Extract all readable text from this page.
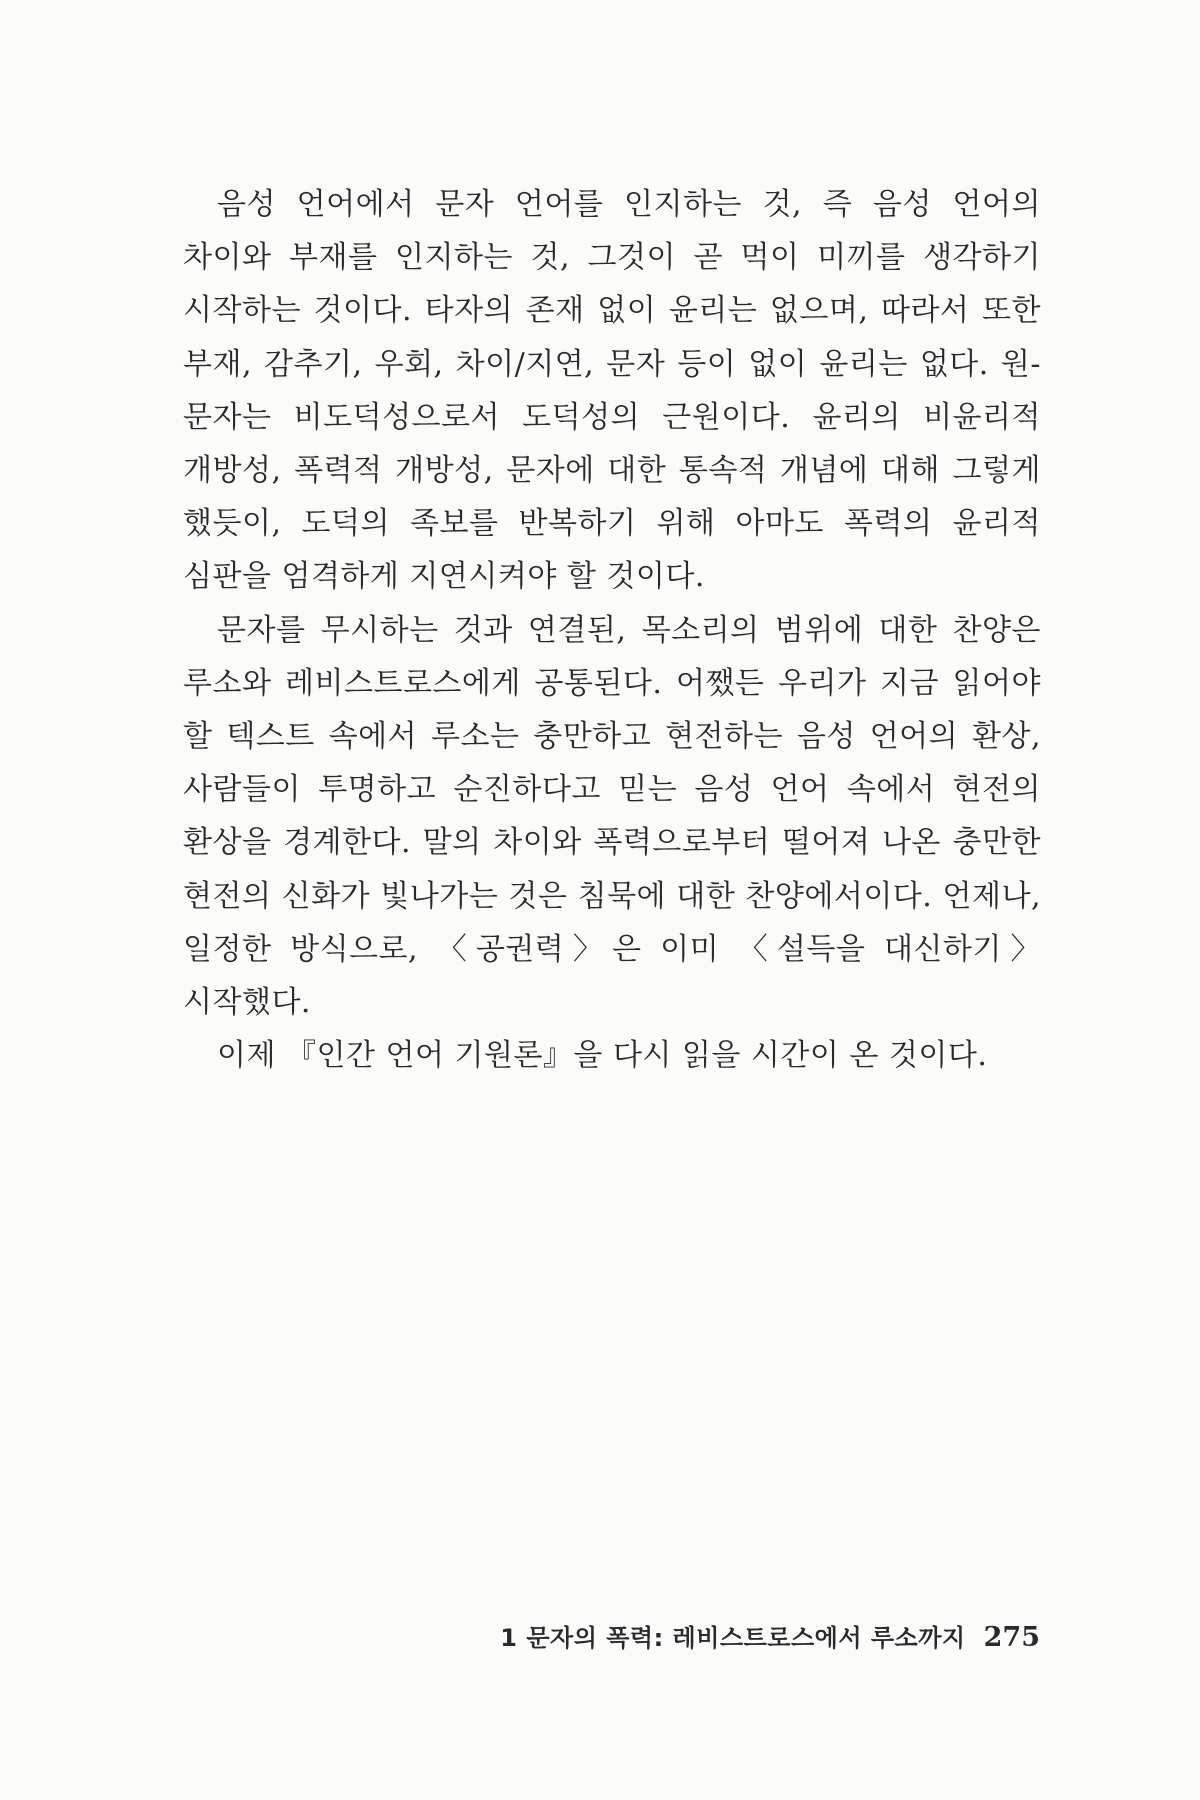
음성 언어에서 문자 언어를 인지하는 것, 즉 음성 언어의 차이와 부재를 인지하는 것, 그것이 곧 먹이 미끼를 생각하기 시작하는 것이다. 타자의 존재 없이 윤리는 없으며, 따라서 또한 부재, 감추기, 우회, 차이/지연, 문자 등이 없이 윤리는 없다. 원-문자는 비도덕성으로서 도덕성의 근원이다. 윤리의 비윤리적 개방성, 폭력적 개방성, 문자에 대한 통속적 개념에 대해 그렇게 했듯이, 도덕의 족보를 반복하기 위해 아마도 폭력의 윤리적 심판을 엄격하게 지연시켜야 할 것이다.

문자를 무시하는 것과 연결된, 목소리의 범위에 대한 찬양은 루소와 레비스트로스에게 공통된다. 어쨌든 우리가 지금 읽어야 할 텍스트 속에서 루소는 충만하고 현전하는 음성 언어의 환상, 사람들이 투명하고 순진하다고 믿는 음성 언어 속에서 현전의 환상을 경계한다. 말의 차이와 폭력으로부터 떨어져 나온 충만한 현전의 신화가 빛나가는 것은 침묵에 대한 찬양에서이다. 언제나, 일정한 방식으로, 〈공권력〉은 이미 〈설득을 대신하기〉 시작했다.

이제 『인간 언어 기원론』을 다시 읽을 시간이 온 것이다.

1 문자의 폭력: 레비스트로스에서 루소까지 275
